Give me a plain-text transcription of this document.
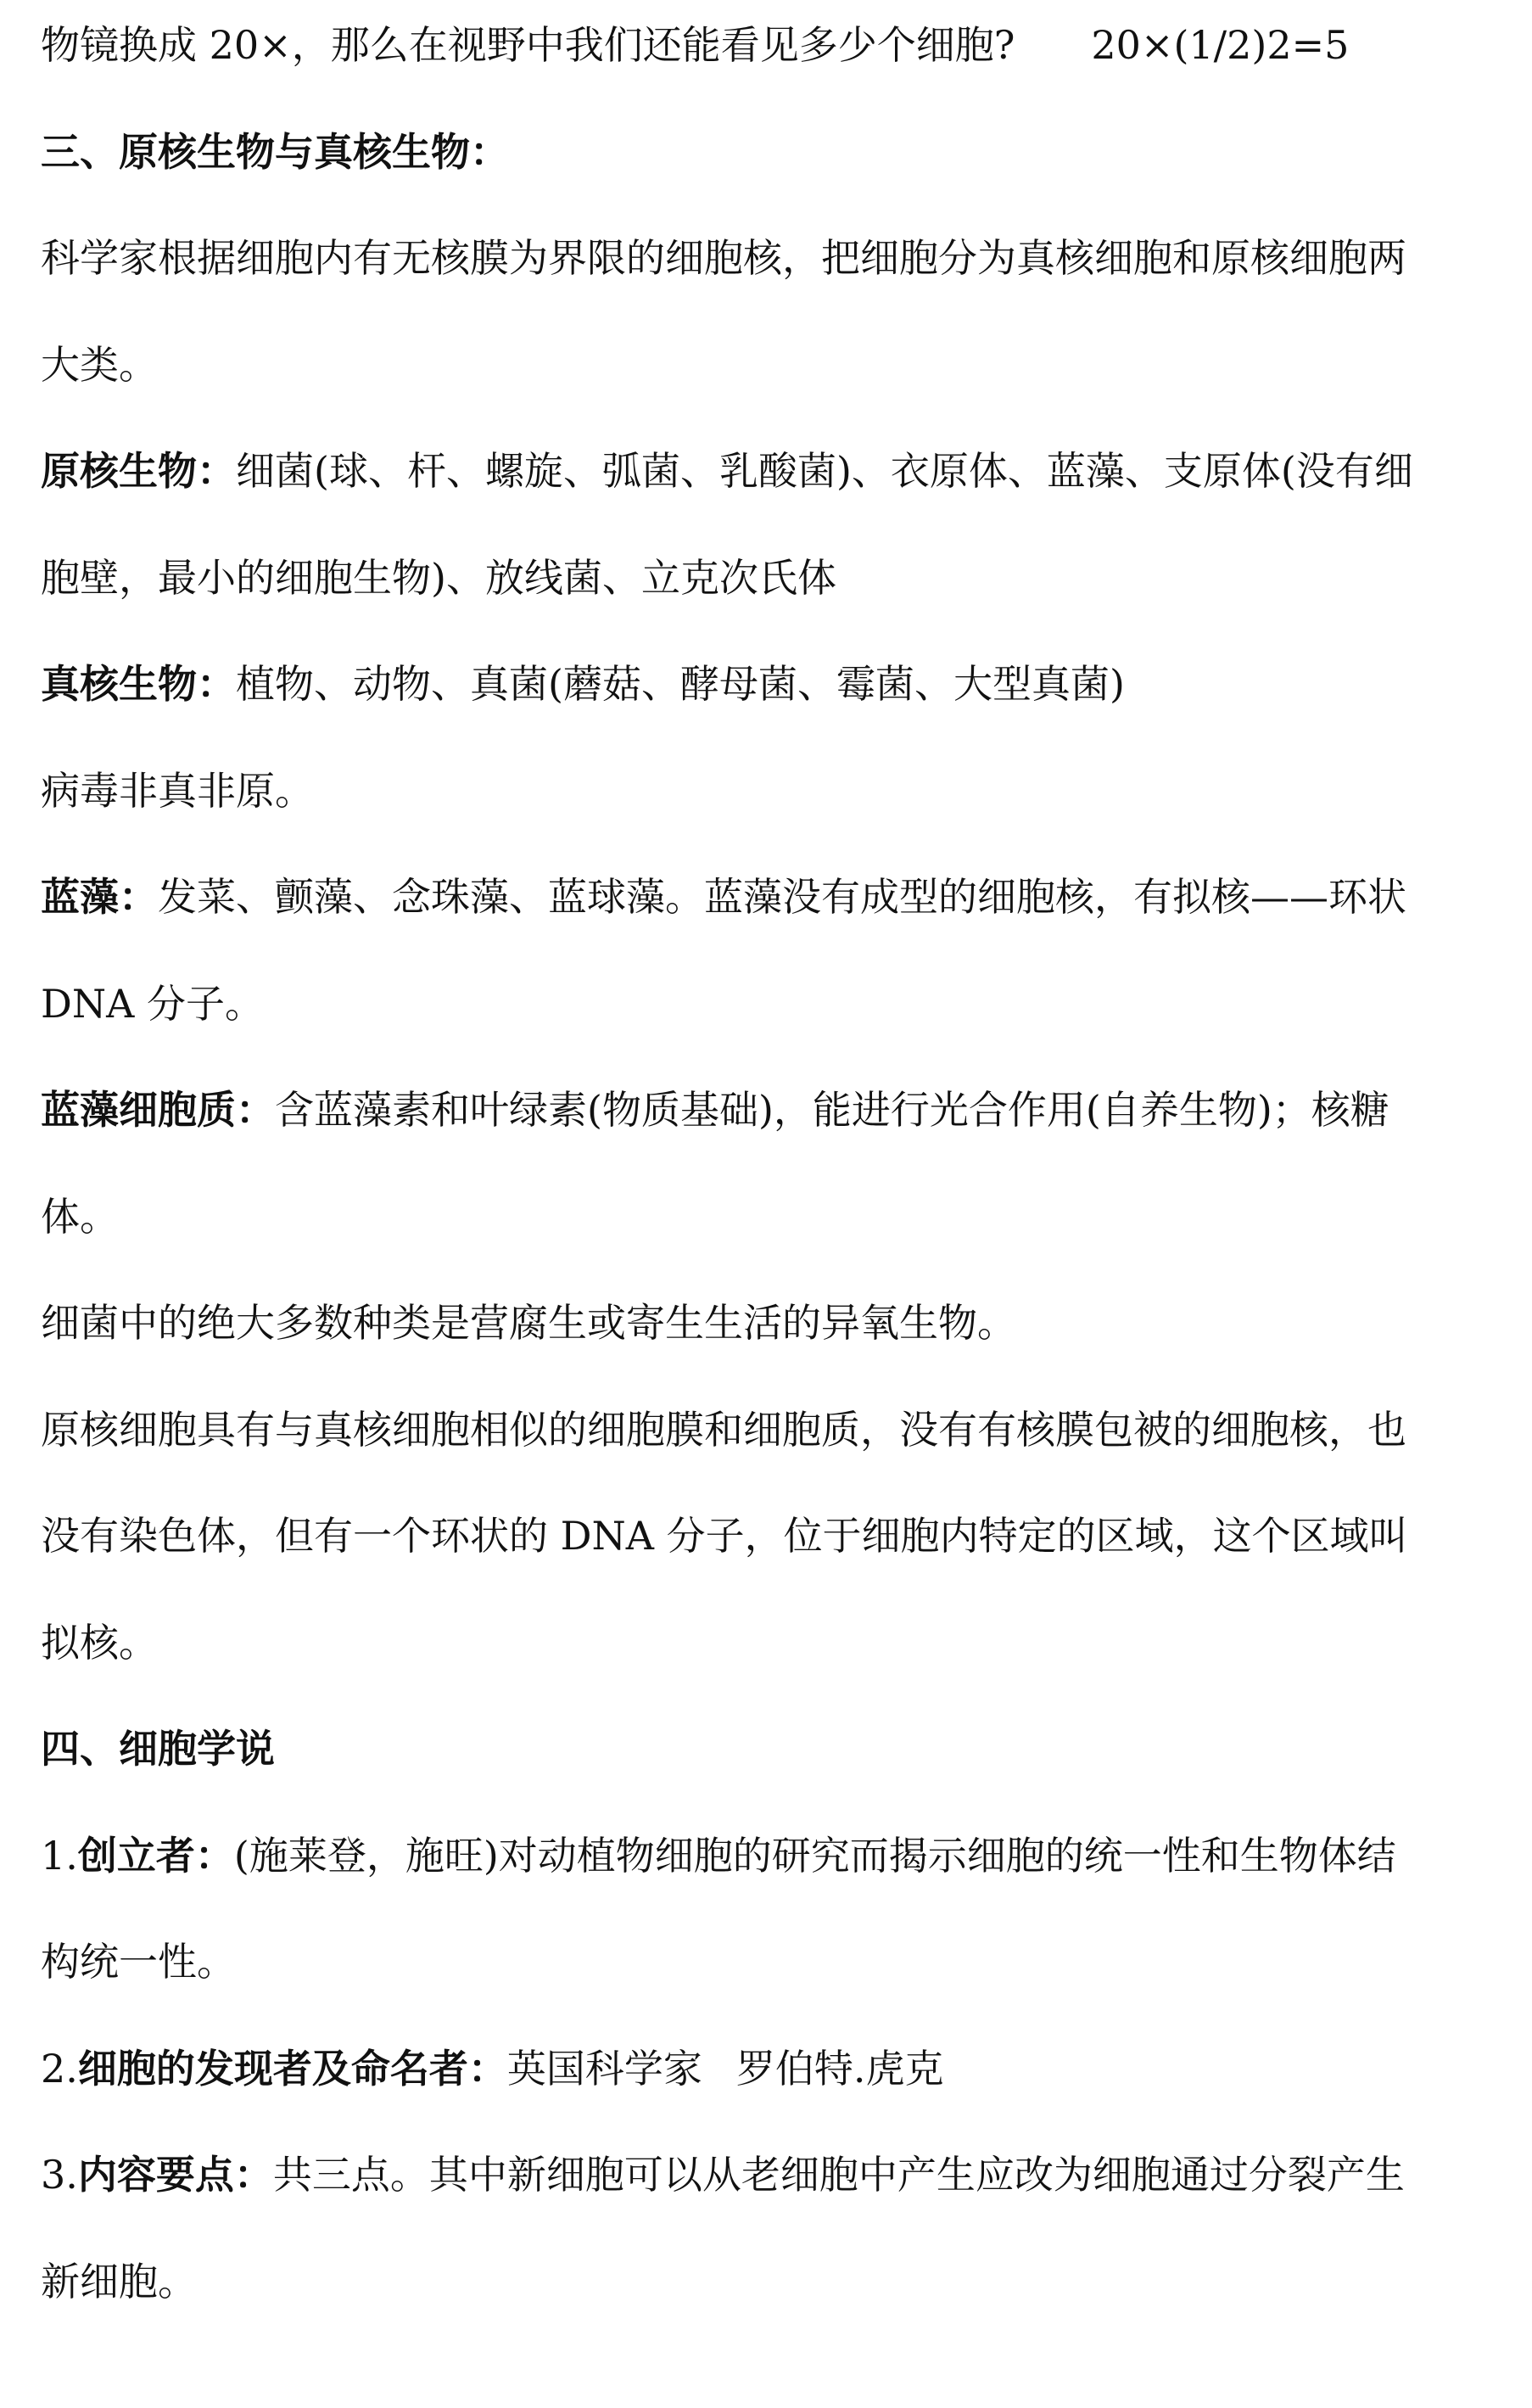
物镜换成 20×，那么在视野中我们还能看见多少个细胞? 20×(1/2)2=5
三、原核生物与真核生物：
科学家根据细胞内有无核膜为界限的细胞核，把细胞分为真核细胞和原核细胞两
大类。
原核生物：细菌(球、杆、螺旋、弧菌、乳酸菌)、衣原体、蓝藻、支原体(没有细
胞壁，最小的细胞生物)、放线菌、立克次氏体
真核生物：植物、动物、真菌(蘑菇、酵母菌、霉菌、大型真菌)
病毒非真非原。
蓝藻：发菜、颤藻、念珠藻、蓝球藻。蓝藻没有成型的细胞核，有拟核——环状
DNA 分子。
蓝藻细胞质：含蓝藻素和叶绿素(物质基础)，能进行光合作用(自养生物)；核糖
体。
细菌中的绝大多数种类是营腐生或寄生生活的异氧生物。
原核细胞具有与真核细胞相似的细胞膜和细胞质，没有有核膜包被的细胞核，也
没有染色体，但有一个环状的 DNA 分子，位于细胞内特定的区域，这个区域叫
拟核。
四、细胞学说
1.创立者：(施莱登，施旺)对动植物细胞的研究而揭示细胞的统一性和生物体结
构统一性。
2.细胞的发现者及命名者：英国科学家 罗伯特.虎克
3.内容要点：共三点。其中新细胞可以从老细胞中产生应改为细胞通过分裂产生
新细胞。
